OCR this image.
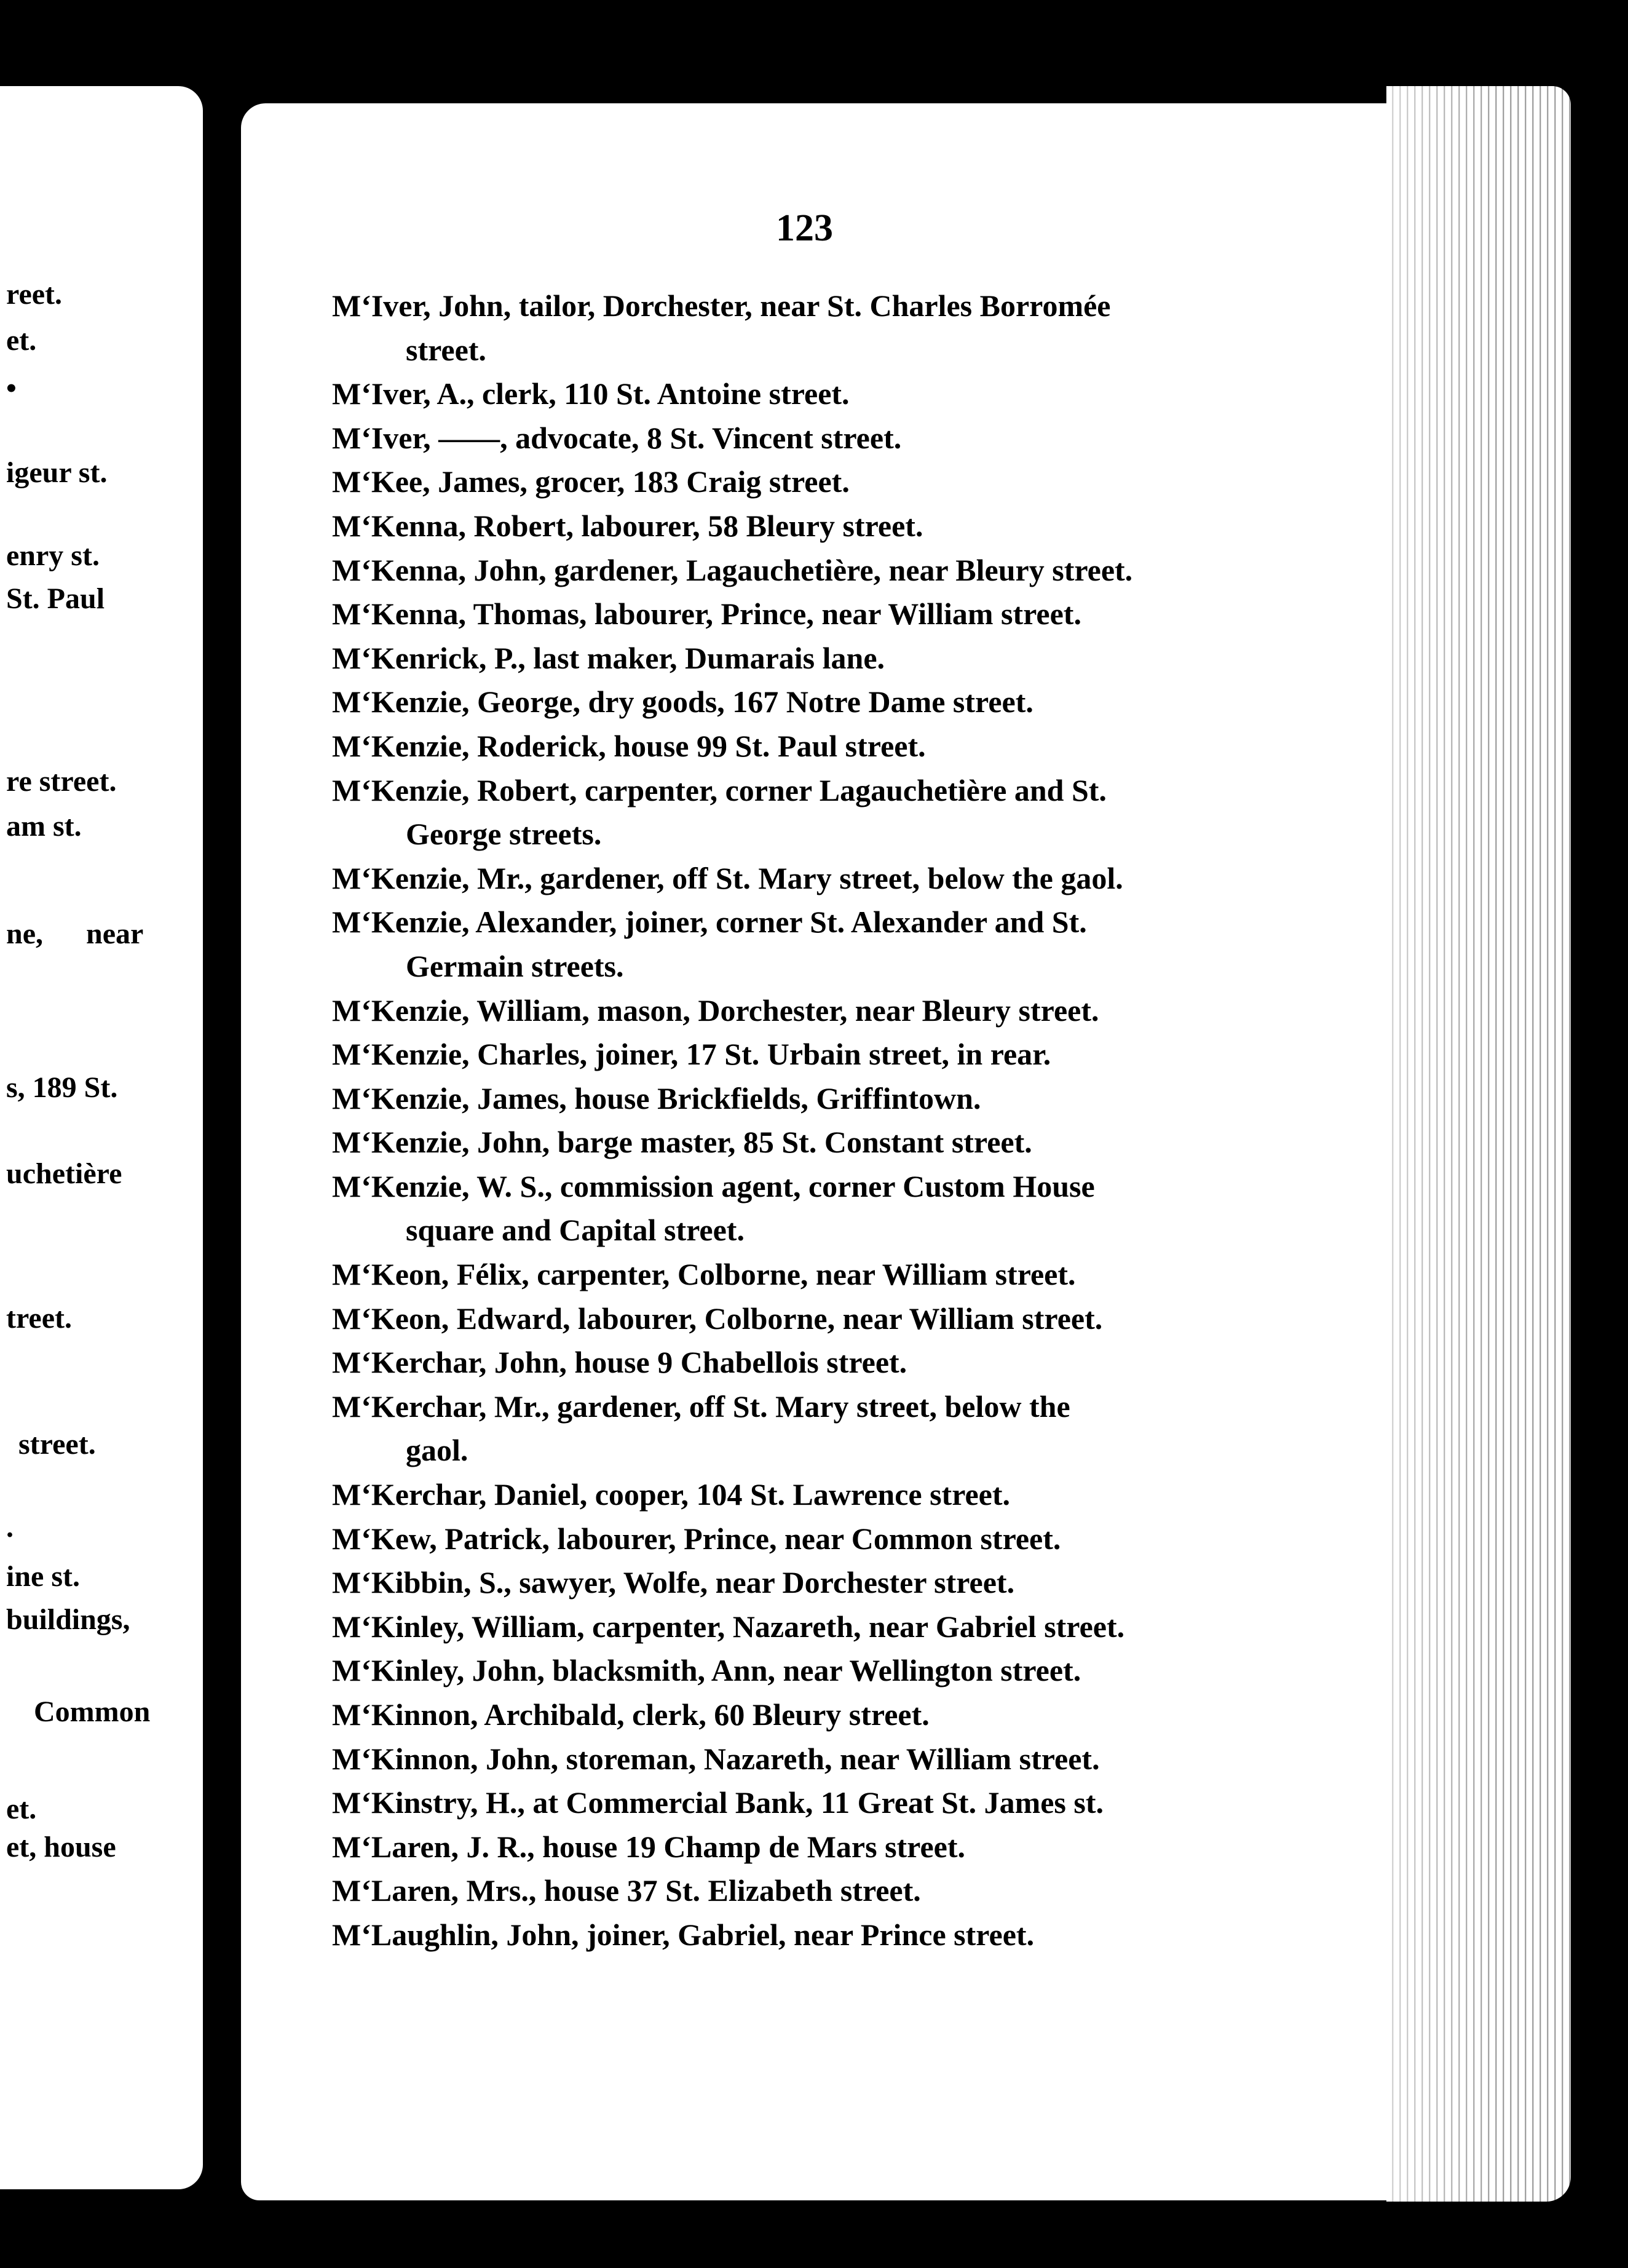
reet.
et.
•
igeur st.
enry st.
St. Paul
re street.
am st.
ne, near
s, 189 St.
uchetière
treet.
street.
.
ine st.
buildings,
Common
et.
et, house
123

M‘Iver, John, tailor, Dorchester, near St. Charles Borromée

street.

M‘Iver, A., clerk, 110 St. Antoine street.

M‘Iver, ——, advocate, 8 St. Vincent street.

M‘Kee, James, grocer, 183 Craig street.

M‘Kenna, Robert, labourer, 58 Bleury street.

M‘Kenna, John, gardener, Lagauchetière, near Bleury street.

M‘Kenna, Thomas, labourer, Prince, near William street.

M‘Kenrick, P., last maker, Dumarais lane.

M‘Kenzie, George, dry goods, 167 Notre Dame street.

M‘Kenzie, Roderick, house 99 St. Paul street.

M‘Kenzie, Robert, carpenter, corner Lagauchetière and St.

George streets.

M‘Kenzie, Mr., gardener, off St. Mary street, below the gaol.

M‘Kenzie, Alexander, joiner, corner St. Alexander and St.

Germain streets.

M‘Kenzie, William, mason, Dorchester, near Bleury street.

M‘Kenzie, Charles, joiner, 17 St. Urbain street, in rear.

M‘Kenzie, James, house Brickfields, Griffintown.

M‘Kenzie, John, barge master, 85 St. Constant street.

M‘Kenzie, W. S., commission agent, corner Custom House

square and Capital street.

M‘Keon, Félix, carpenter, Colborne, near William street.

M‘Keon, Edward, labourer, Colborne, near William street.

M‘Kerchar, John, house 9 Chabellois street.

M‘Kerchar, Mr., gardener, off St. Mary street, below the

gaol.

M‘Kerchar, Daniel, cooper, 104 St. Lawrence street.

M‘Kew, Patrick, labourer, Prince, near Common street.

M‘Kibbin, S., sawyer, Wolfe, near Dorchester street.

M‘Kinley, William, carpenter, Nazareth, near Gabriel street.

M‘Kinley, John, blacksmith, Ann, near Wellington street.

M‘Kinnon, Archibald, clerk, 60 Bleury street.

M‘Kinnon, John, storeman, Nazareth, near William street.

M‘Kinstry, H., at Commercial Bank, 11 Great St. James st.

M‘Laren, J. R., house 19 Champ de Mars street.

M‘Laren, Mrs., house 37 St. Elizabeth street.

M‘Laughlin, John, joiner, Gabriel, near Prince street.
